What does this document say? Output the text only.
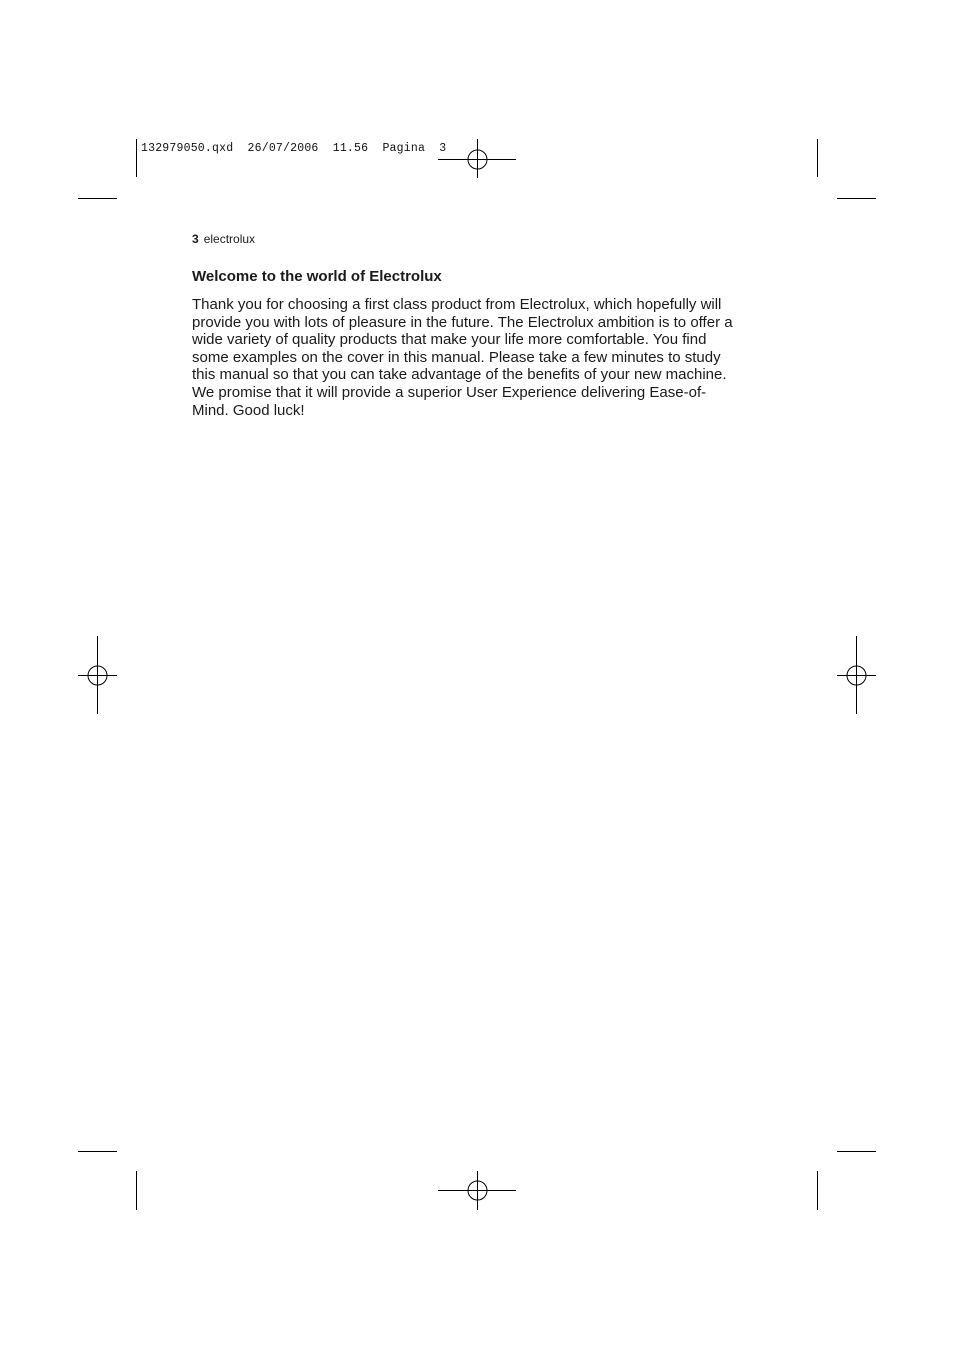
132979050.qxd  26/07/2006  11.56  Pagina  3
3 electrolux
Welcome to the world of Electrolux

Thank you for choosing a first class product from Electrolux, which hopefully will
provide you with lots of pleasure in the future. The Electrolux ambition is to offer a
wide variety of quality products that make your life more comfortable. You find
some examples on the cover in this manual. Please take a few minutes to study
this manual so that you can take advantage of the benefits of your new machine.
We promise that it will provide a superior User Experience delivering Ease-of-
Mind. Good luck!
